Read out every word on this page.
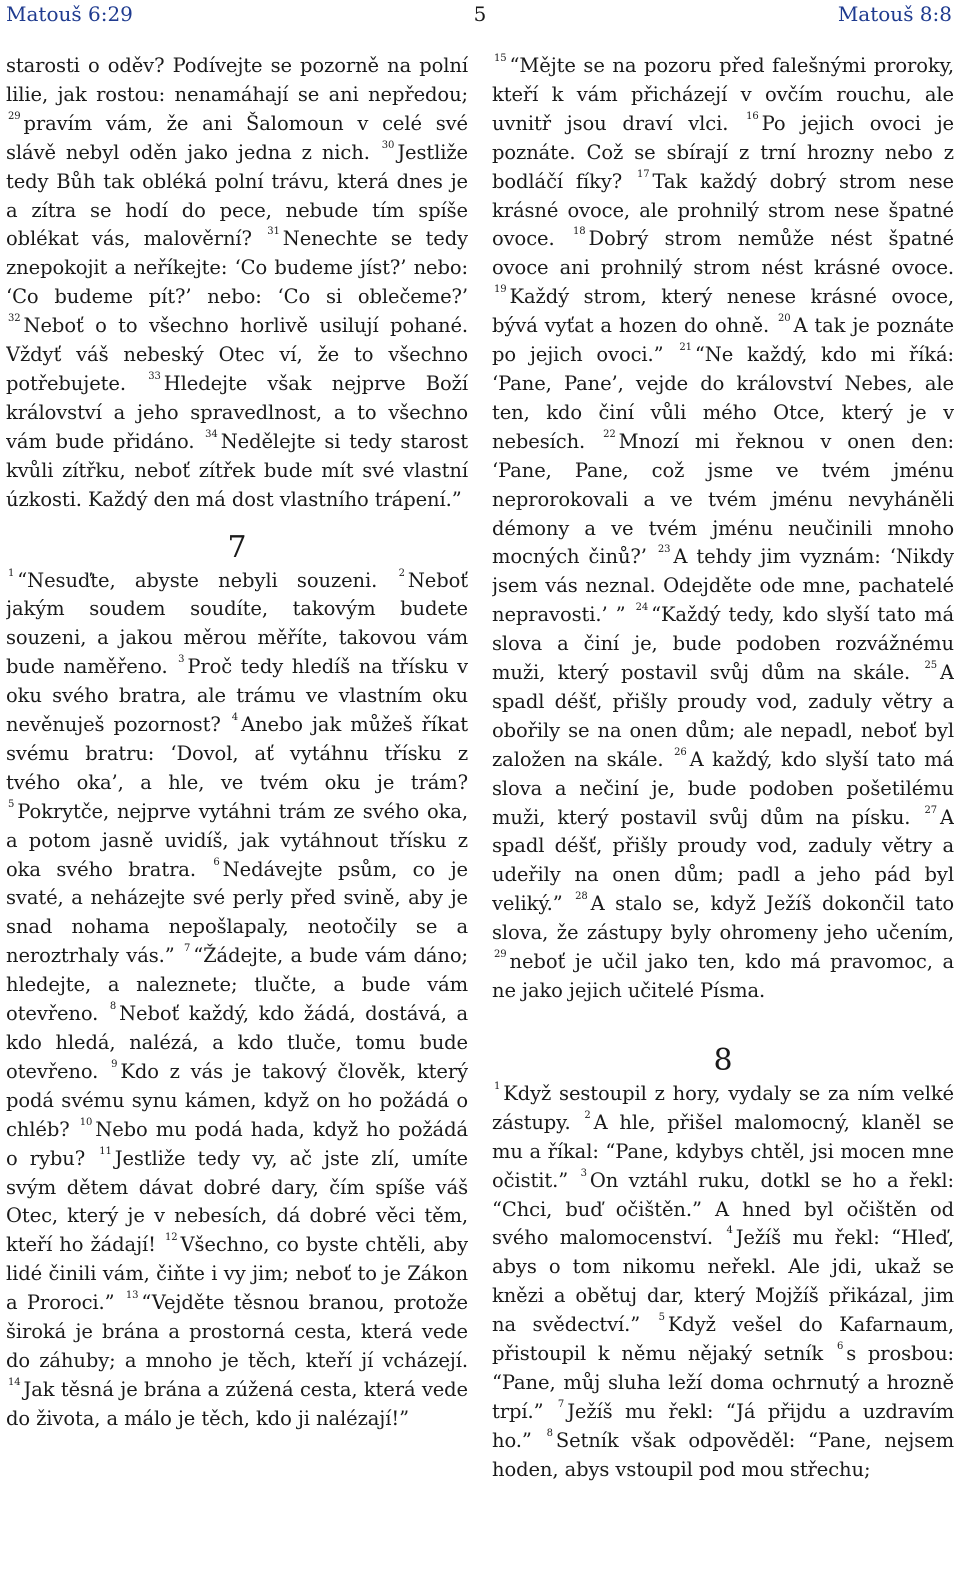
Matouš 6:29	5	Matouš 8:8

starosti o oděv? Podívejte se pozorně na polní lilie, jak rostou: nenamáhají se ani nepředou; $^{29}$ pravím vám, že ani Šalomoun v celé své slávě nebyl oděn jako jedna z nich. $^{30}$ Jestliže tedy Bůh tak obléká polní trávu, která dnes je a zítra se hodí do pece, nebude tím spíše oblékat vás, malověrní? $^{31}$ Nenechte se tedy znepokojit a neříkejte: ‘Co budeme jíst?’ nebo: ‘Co budeme pít?’ nebo: ‘Co si oblečeme?’ $^{32}$ Neboť o to všechno horlivě usilují pohané. Vždyť váš nebeský Otec ví, že to všechno potřebujete. $^{33}$ Hledejte však nejprve Boží království a jeho spravedlnost, a to všechno vám bude přidáno. $^{34}$ Nedělejte si tedy starost kvůli zítřku, neboť zítřek bude mít své vlastní úzkosti. Každý den má dost vlastního trápení.”

7

$^1$ “Nesuďte, abyste nebyli souzeni. $^2$ Neboť jakým soudem soudíte, takovým budete souzeni, a jakou měrou měříte, takovou vám bude naměřeno. $^3$ Proč tedy hledíš na třísku v oku svého bratra, ale trámu ve vlastním oku nevěnuješ pozornost? $^4$ Anebo jak můžeš říkat svému bratru: ‘Dovol, ať vytáhnu třísku z tvého oka’, a hle, ve tvém oku je trám? $^5$ Pokrytče, nejprve vytáhni trám ze svého oka, a potom jasně uvidíš, jak vytáhnout třísku z oka svého bratra. $^6$ Nedávejte psům, co je svaté, a neházejte své perly před svině, aby je snad nohama nepošlapaly, neotočily se a neroztrhaly vás.” $^7$ “Žádejte, a bude vám dáno; hledejte, a naleznete; tlučte, a bude vám otevřeno. $^8$ Neboť každý, kdo žádá, dostává, a kdo hledá, nalézá, a kdo tluče, tomu bude otevřeno. $^9$ Kdo z vás je takový člověk, který podá svému synu kámen, když on ho požádá o chléb? $^{10}$ Nebo mu podá hada, když ho požádá o rybu? $^{11}$ Jestliže tedy vy, ač jste zlí, umíte svým dětem dávat dobré dary, čím spíše váš Otec, který je v nebesích, dá dobré věci těm, kteří ho žádají! $^{12}$ Všechno, co byste chtěli, aby lidé činili vám, čiňte i vy jim; neboť to je Zákon a Proroci.” $^{13}$ “Vejděte těsnou branou, protože široká je brána a prostorná cesta, která vede do záhuby; a mnoho je těch, kteří jí vcházejí. $^{14}$ Jak těsná je brána a zúžená cesta, která vede do života, a málo je těch, kdo ji nalézají!”

$^{15}$ “Mějte se na pozoru před falešnými proroky, kteří k vám přicházejí v ovčím rouchu, ale uvnitř jsou draví vlci. $^{16}$ Po jejich ovoci je poznáte. Což se sbírají z trní hrozny nebo z bodláčí fíky? $^{17}$ Tak každý dobrý strom nese krásné ovoce, ale prohnilý strom nese špatné ovoce. $^{18}$ Dobrý strom nemůže nést špatné ovoce ani prohnilý strom nést krásné ovoce. $^{19}$ Každý strom, který nenese krásné ovoce, bývá vyťat a hozen do ohně. $^{20}$ A tak je poznáte po jejich ovoci.” $^{21}$ “Ne každý, kdo mi říká: ‘Pane, Pane’, vejde do království Nebes, ale ten, kdo činí vůli mého Otce, který je v nebesích. $^{22}$ Mnozí mi řeknou v onen den: ‘Pane, Pane, což jsme ve tvém jménu neprorokovali a ve tvém jménu nevyháněli démony a ve tvém jménu neučinili mnoho mocných činů?’ $^{23}$ A tehdy jim vyznám: ‘Nikdy jsem vás neznal. Odejděte ode mne, pachatelé nepravosti.’ ” $^{24}$ “Každý tedy, kdo slyší tato má slova a činí je, bude podoben rozvážnému muži, který postavil svůj dům na skále. $^{25}$ A spadl déšť, přišly proudy vod, zaduly větry a obořily se na onen dům; ale nepadl, neboť byl založen na skále. $^{26}$ A každý, kdo slyší tato má slova a nečiní je, bude podoben pošetilému muži, který postavil svůj dům na písku. $^{27}$ A spadl déšť, přišly proudy vod, zaduly větry a udeřily na onen dům; padl a jeho pád byl veliký.” $^{28}$ A stalo se, když Ježíš dokončil tato slova, že zástupy byly ohromeny jeho učením, $^{29}$ neboť je učil jako ten, kdo má pravomoc, a ne jako jejich učitelé Písma.

8

$^1$ Když sestoupil z hory, vydaly se za ním velké zástupy. $^2$ A hle, přišel malomocný, klaněl se mu a říkal: “Pane, kdybys chtěl, jsi mocen mne očistit.” $^3$ On vztáhl ruku, dotkl se ho a řekl: “Chci, buď očištěn.” A hned byl očištěn od svého malomocenství. $^4$ Ježíš mu řekl: “Hleď, abys o tom nikomu neřekl. Ale jdi, ukaž se knězi a obětuj dar, který Mojžíš přikázal, jim na svědectví.” $^5$ Když vešel do Kafarnaum, přistoupil k němu nějaký setník $^6$ s prosbou: “Pane, můj sluha leží doma ochrnutý a hrozně trpí.” $^7$ Ježíš mu řekl: “Já přijdu a uzdravím ho.” $^8$ Setník však odpověděl: “Pane, nejsem hoden, abys vstoupil pod mou střechu;
